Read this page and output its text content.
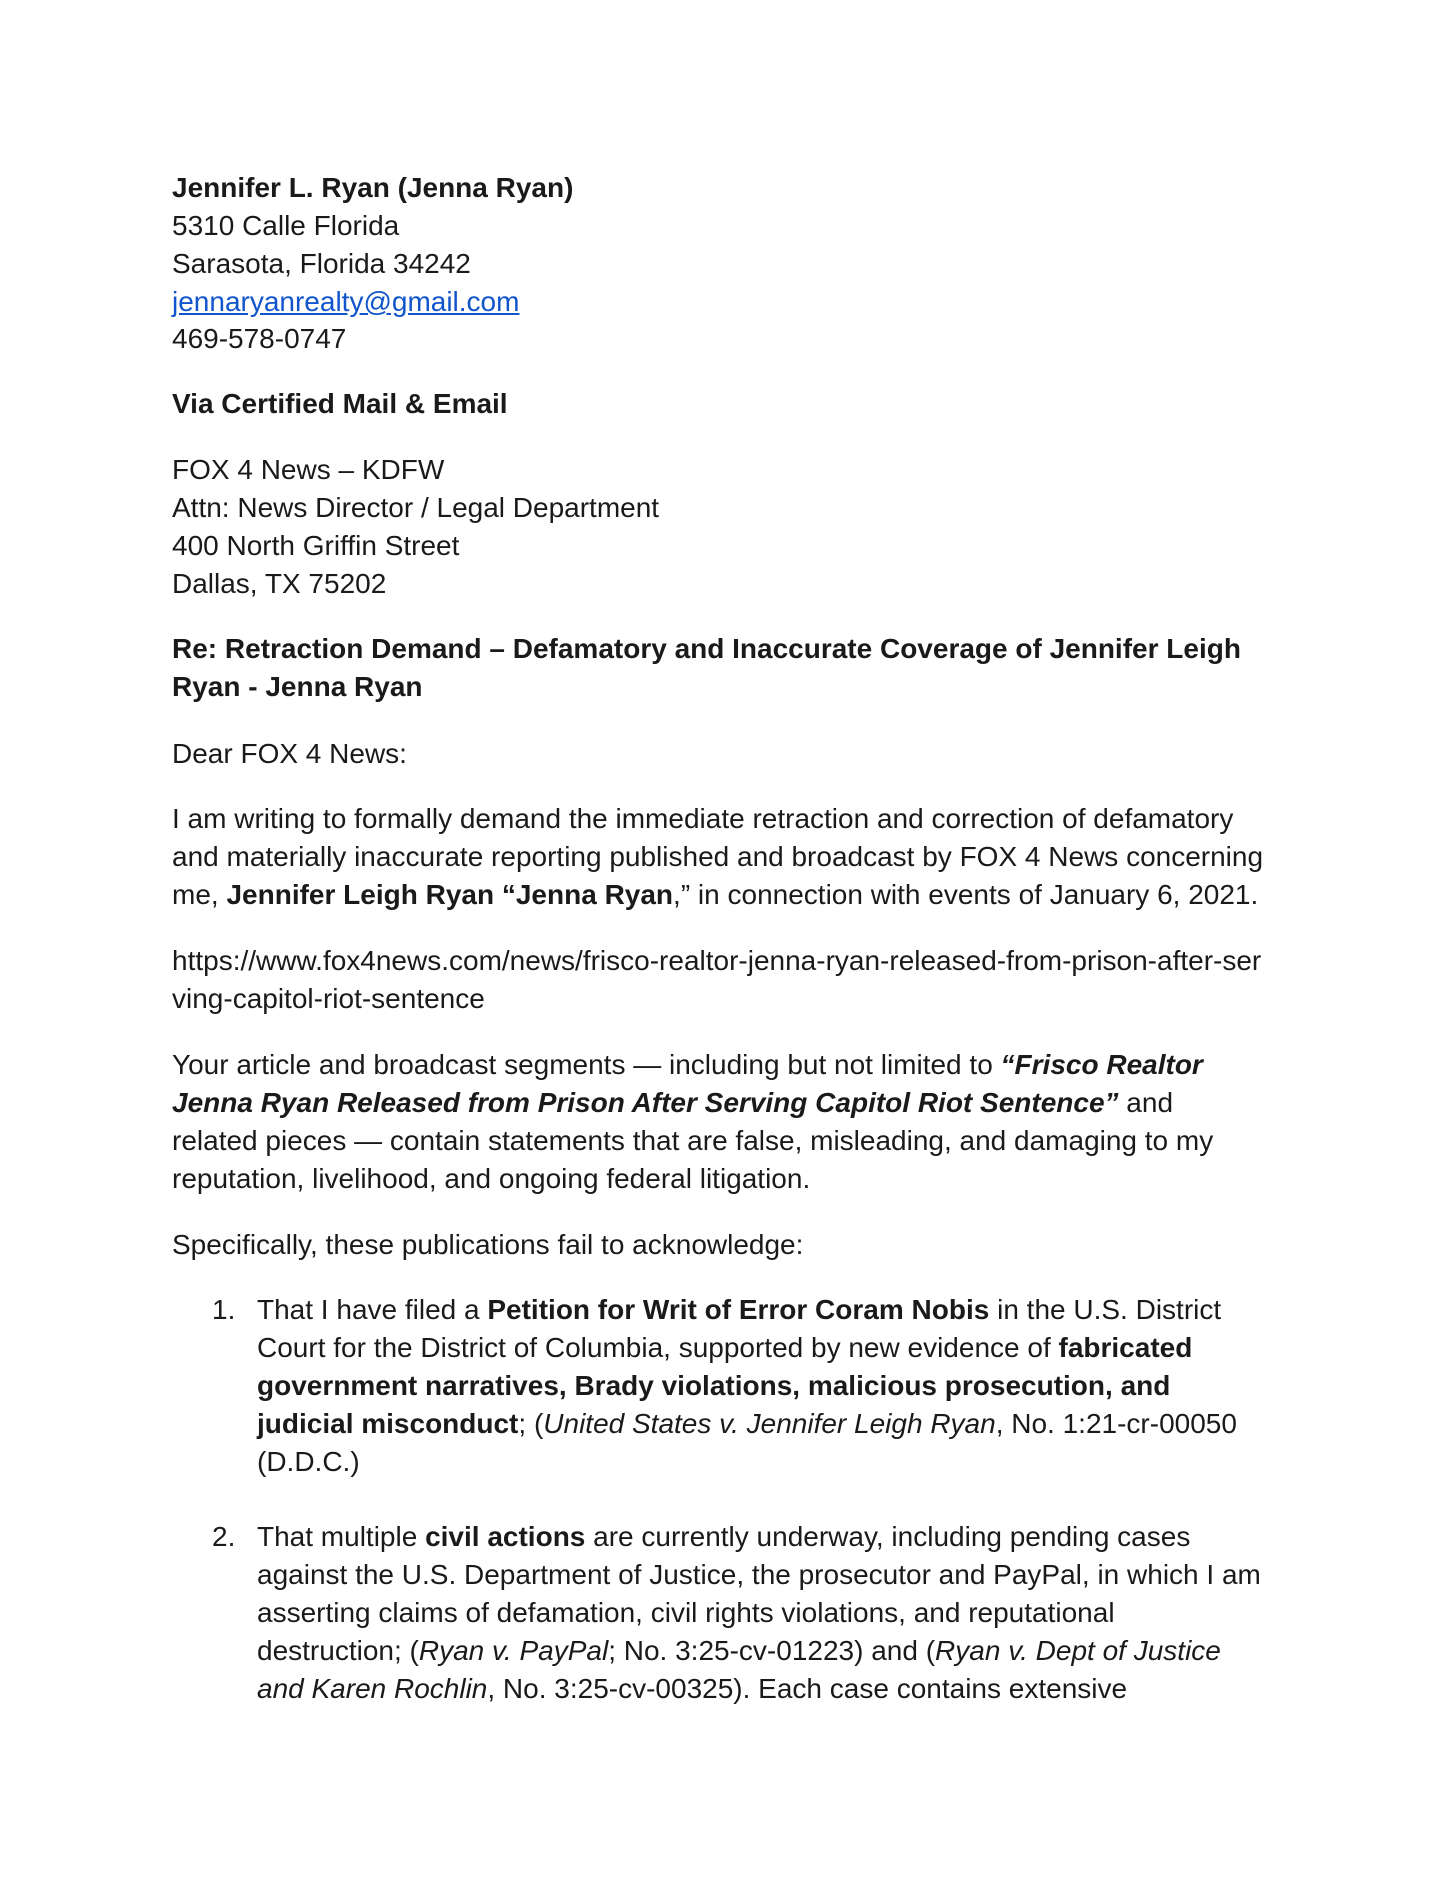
Jennifer L. Ryan (Jenna Ryan)
5310 Calle Florida
Sarasota, Florida 34242
jennaryanrealty@gmail.com
469-578-0747
Via Certified Mail & Email
FOX 4 News – KDFW
Attn: News Director / Legal Department
400 North Griffin Street
Dallas, TX 75202
Re: Retraction Demand – Defamatory and Inaccurate Coverage of Jennifer Leigh
Ryan - Jenna Ryan
Dear FOX 4 News:
I am writing to formally demand the immediate retraction and correction of defamatory
and materially inaccurate reporting published and broadcast by FOX 4 News concerning
me, Jennifer Leigh Ryan “Jenna Ryan,” in connection with events of January 6, 2021.
https://www.fox4news.com/news/frisco-realtor-jenna-ryan-released-from-prison-after-ser
ving-capitol-riot-sentence
Your article and broadcast segments — including but not limited to “Frisco Realtor
Jenna Ryan Released from Prison After Serving Capitol Riot Sentence” and
related pieces — contain statements that are false, misleading, and damaging to my
reputation, livelihood, and ongoing federal litigation.
Specifically, these publications fail to acknowledge:
1. That I have filed a Petition for Writ of Error Coram Nobis in the U.S. District
Court for the District of Columbia, supported by new evidence of fabricated
government narratives, Brady violations, malicious prosecution, and
judicial misconduct; (United States v. Jennifer Leigh Ryan, No. 1:21-cr-00050
(D.D.C.)
2. That multiple civil actions are currently underway, including pending cases
against the U.S. Department of Justice, the prosecutor and PayPal, in which I am
asserting claims of defamation, civil rights violations, and reputational
destruction; (Ryan v. PayPal; No. 3:25-cv-01223) and (Ryan v. Dept of Justice
and Karen Rochlin, No. 3:25-cv-00325). Each case contains extensive
